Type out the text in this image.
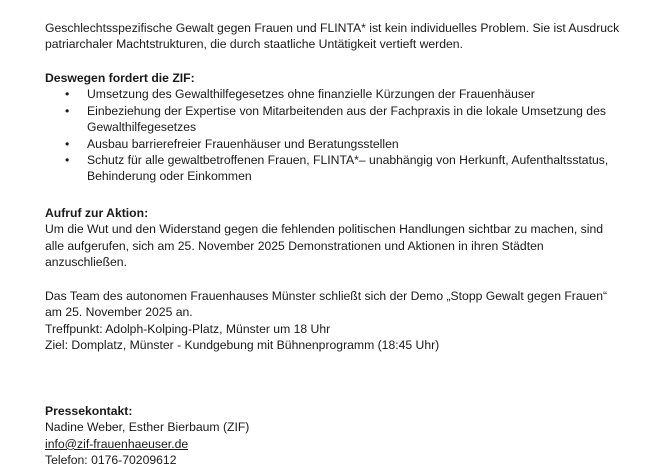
Geschlechtsspezifische Gewalt gegen Frauen und FLINTA* ist kein individuelles Problem. Sie ist Ausdruck

patriarchaler Machtstrukturen, die durch staatliche Untätigkeit vertieft werden.

Deswegen fordert die ZIF:

• Umsetzung des Gewalthilfegesetzes ohne finanzielle Kürzungen der Frauenhäuser
• Einbeziehung der Expertise von Mitarbeitenden aus der Fachpraxis in die lokale Umsetzung des
Gewalthilfegesetzes
• Ausbau barrierefreier Frauenhäuser und Beratungsstellen
• Schutz für alle gewaltbetroffenen Frauen, FLINTA*– unabhängig von Herkunft, Aufenthaltsstatus,
Behinderung oder Einkommen

Aufruf zur Aktion:

Um die Wut und den Widerstand gegen die fehlenden politischen Handlungen sichtbar zu machen, sind

alle aufgerufen, sich am 25. November 2025 Demonstrationen und Aktionen in ihren Städten

anzuschließen.

Das Team des autonomen Frauenhauses Münster schließt sich der Demo „Stopp Gewalt gegen Frauen“

am 25. November 2025 an.

Treffpunkt: Adolph-Kolping-Platz, Münster um 18 Uhr

Ziel: Domplatz, Münster - Kundgebung mit Bühnenprogramm (18:45 Uhr)

Pressekontakt:

Nadine Weber, Esther Bierbaum (ZIF)

info@zif-frauenhaeuser.de

Telefon: 0176-70209612
